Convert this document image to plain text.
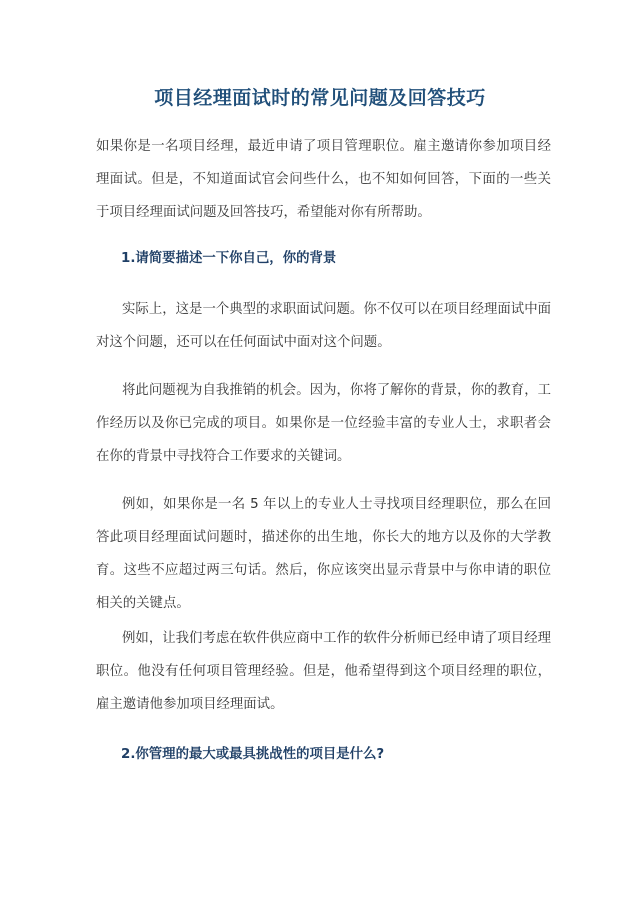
项目经理面试时的常见问题及回答技巧

如果你是一名项目经理，最近申请了项目管理职位。雇主邀请你参加项目经理面试。但是，不知道面试官会问些什么，也不知如何回答，下面的一些关于项目经理面试问题及回答技巧，希望能对你有所帮助。

1.请简要描述一下你自己，你的背景

实际上，这是一个典型的求职面试问题。你不仅可以在项目经理面试中面对这个问题，还可以在任何面试中面对这个问题。

将此问题视为自我推销的机会。因为，你将了解你的背景，你的教育，工作经历以及你已完成的项目。如果你是一位经验丰富的专业人士，求职者会在你的背景中寻找符合工作要求的关键词。

例如，如果你是一名 5 年以上的专业人士寻找项目经理职位，那么在回答此项目经理面试问题时，描述你的出生地，你长大的地方以及你的大学教育。这些不应超过两三句话。然后，你应该突出显示背景中与你申请的职位相关的关键点。

例如，让我们考虑在软件供应商中工作的软件分析师已经申请了项目经理职位。他没有任何项目管理经验。但是，他希望得到这个项目经理的职位，雇主邀请他参加项目经理面试。

2.你管理的最大或最具挑战性的项目是什么?
